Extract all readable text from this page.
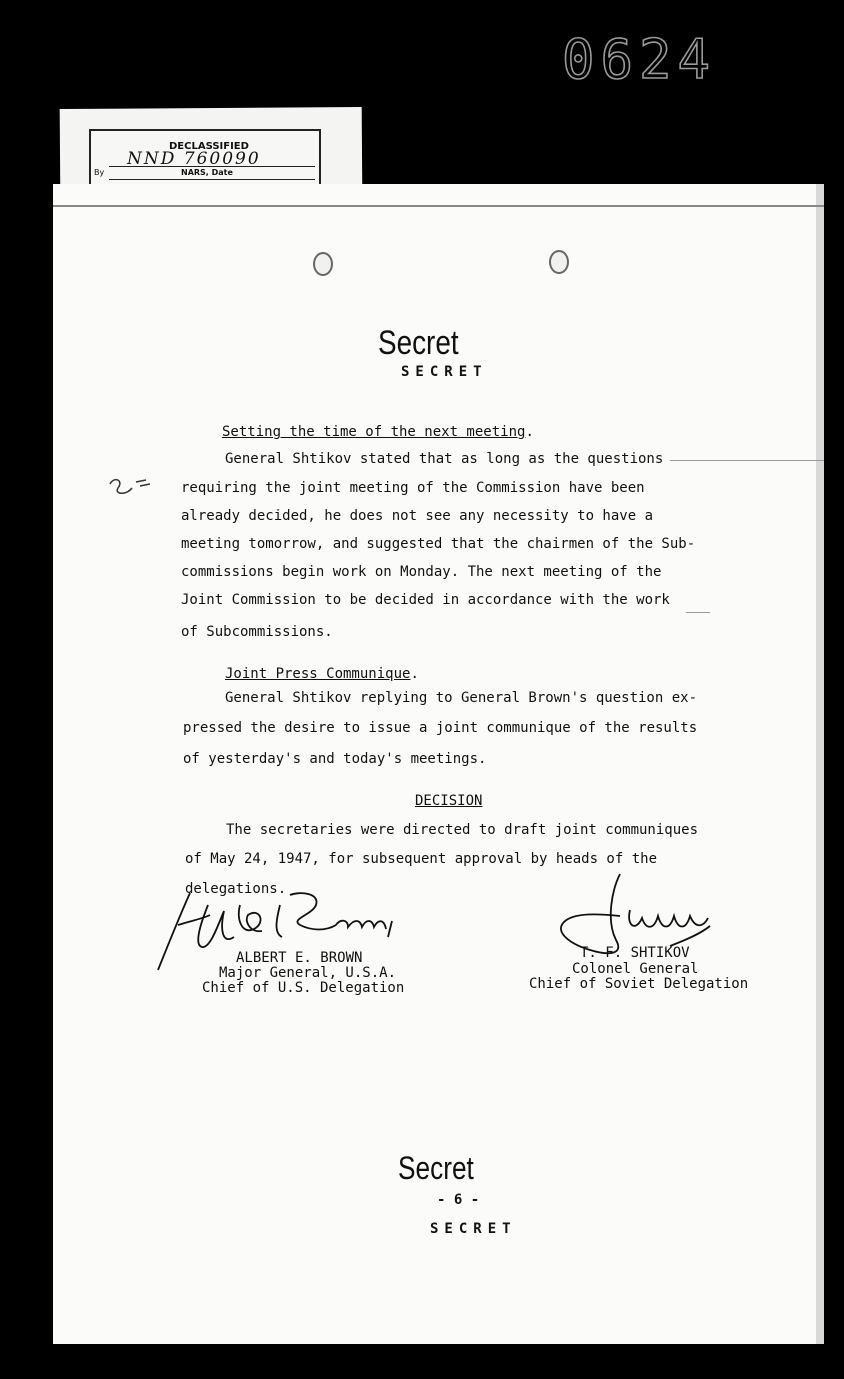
0624
DECLASSIFIED
NND 760090
By	NARS, Date
Secret
SECRET
Setting the time of the next meeting.
General Shtikov stated that as long as the questions
requiring the joint meeting of the Commission have been
already decided, he does not see any necessity to have a
meeting tomorrow, and suggested that the chairmen of the Sub-
commissions begin work on Monday. The next meeting of the
Joint Commission to be decided in accordance with the work
of Subcommissions.
Joint Press Communique.
General Shtikov replying to General Brown's question ex-
pressed the desire to issue a joint communique of the results
of yesterday's and today's meetings.
DECISION
The secretaries were directed to draft joint communiques
of May 24, 1947, for subsequent approval by heads of the
delegations.
ALBERT E. BROWN
Major General, U.S.A.
Chief of U.S. Delegation
T. F. SHTIKOV
Colonel General
Chief of Soviet Delegation
Secret
- 6 -
SECRET
